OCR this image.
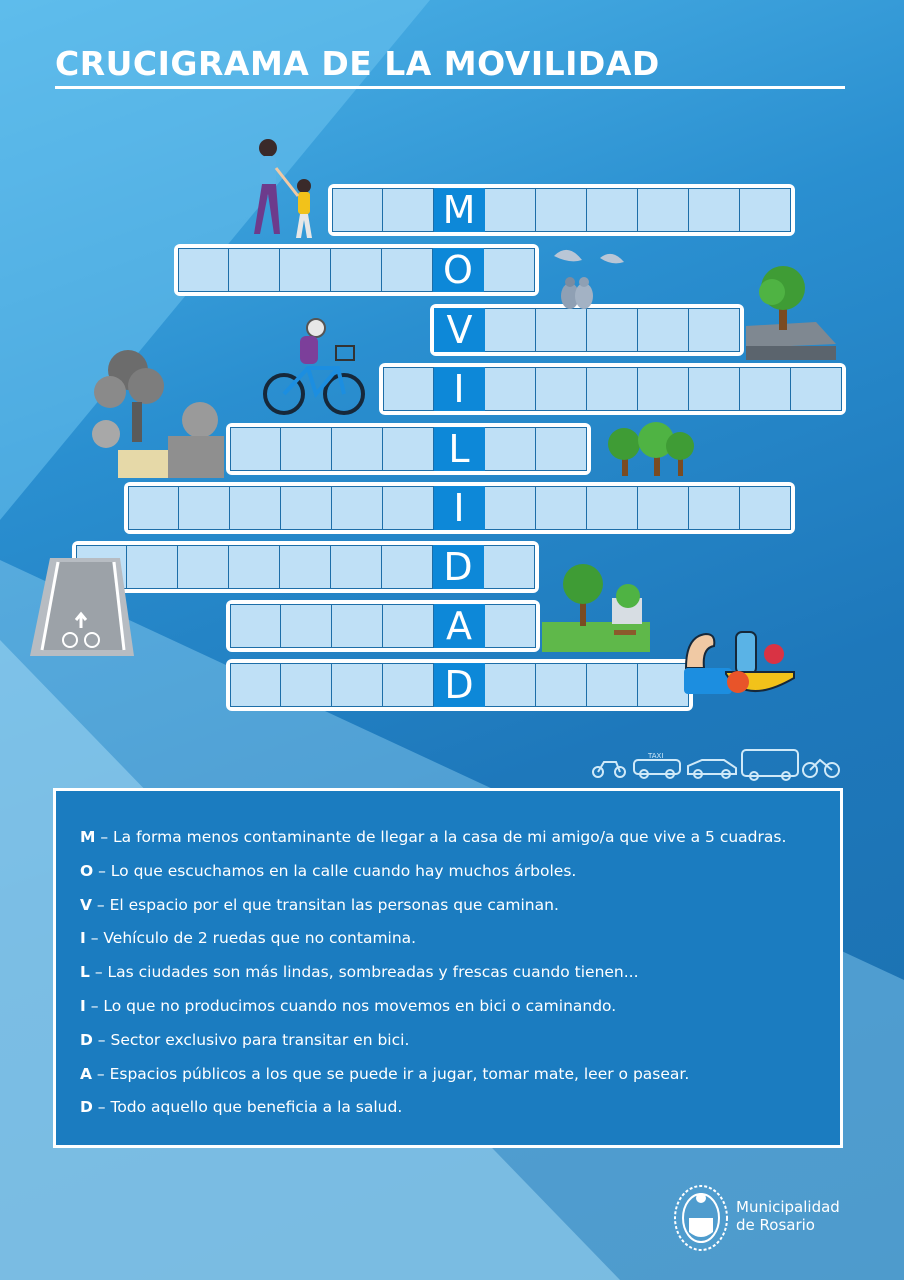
CRUCIGRAMA DE LA MOVILIDAD
M
O
V
I
L
I
D
A
D
TAXI
M – La forma menos contaminante de llegar a la casa de mi amigo/a que vive a 5 cuadras.
O – Lo que escuchamos en la calle cuando hay muchos árboles.
V – El espacio por el que transitan las personas que caminan.
I – Vehículo de 2 ruedas que no contamina.
L – Las ciudades son más lindas, sombreadas y frescas cuando tienen...
I – Lo que no producimos cuando nos movemos en bici o caminando.
D – Sector exclusivo para transitar en bici.
A – Espacios públicos a los que se puede ir a jugar, tomar mate, leer o pasear.
D – Todo aquello que beneficia a la salud.
Municipalidad
de Rosario
